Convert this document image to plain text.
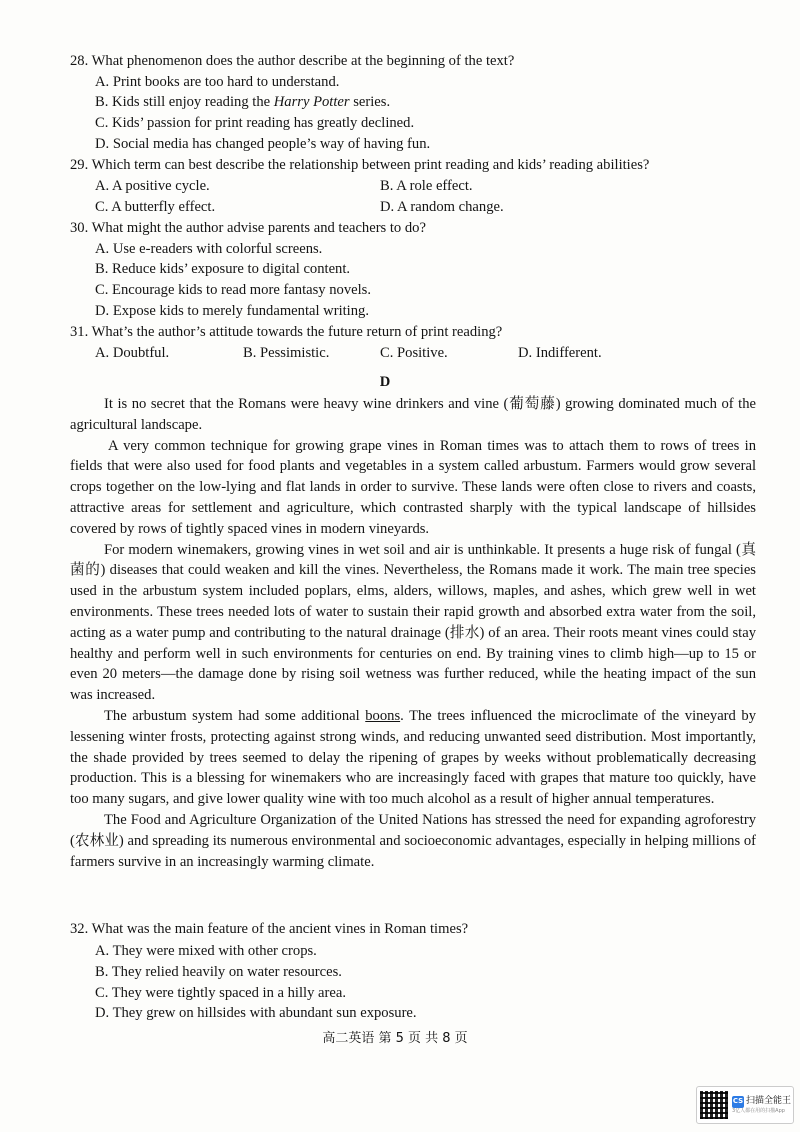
28. What phenomenon does the author describe at the beginning of the text?
A. Print books are too hard to understand.
B. Kids still enjoy reading the Harry Potter series.
C. Kids’ passion for print reading has greatly declined.
D. Social media has changed people’s way of having fun.
29. Which term can best describe the relationship between print reading and kids’ reading abilities?
A. A positive cycle.	B. A role effect.
C. A butterfly effect.	D. A random change.
30. What might the author advise parents and teachers to do?
A. Use e-readers with colorful screens.
B. Reduce kids’ exposure to digital content.
C. Encourage kids to read more fantasy novels.
D. Expose kids to merely fundamental writing.
31. What’s the author’s attitude towards the future return of print reading?
A. Doubtful.	B. Pessimistic.	C. Positive.	D. Indifferent.
D

It is no secret that the Romans were heavy wine drinkers and vine (葡萄藤) growing dominated much of the agricultural landscape.

A very common technique for growing grape vines in Roman times was to attach them to rows of trees in fields that were also used for food plants and vegetables in a system called arbustum. Farmers would grow several crops together on the low-lying and flat lands in order to survive. These lands were often close to rivers and coasts, attractive areas for settlement and agriculture, which contrasted sharply with the typical landscape of hillsides covered by rows of tightly spaced vines in modern vineyards.

For modern winemakers, growing vines in wet soil and air is unthinkable. It presents a huge risk of fungal (真菌的) diseases that could weaken and kill the vines. Nevertheless, the Romans made it work. The main tree species used in the arbustum system included poplars, elms, alders, willows, maples, and ashes, which grew well in wet environments. These trees needed lots of water to sustain their rapid growth and absorbed extra water from the soil, acting as a water pump and contributing to the natural drainage (排水) of an area. Their roots meant vines could stay healthy and perform well in such environments for centuries on end. By training vines to climb high—up to 15 or even 20 meters—the damage done by rising soil wetness was further reduced, while the heating impact of the sun was increased.

The arbustum system had some additional boons. The trees influenced the microclimate of the vineyard by lessening winter frosts, protecting against strong winds, and reducing unwanted seed distribution. Most importantly, the shade provided by trees seemed to delay the ripening of grapes by weeks without problematically decreasing production. This is a blessing for winemakers who are increasingly faced with grapes that mature too quickly, have too many sugars, and give lower quality wine with too much alcohol as a result of higher annual temperatures.

The Food and Agriculture Organization of the United Nations has stressed the need for expanding agroforestry (农林业) and spreading its numerous environmental and socioeconomic advantages, especially in helping millions of farmers survive in an increasingly warming climate.

32. What was the main feature of the ancient vines in Roman times?
A. They were mixed with other crops.
B. They relied heavily on water resources.
C. They were tightly spaced in a hilly area.
D. They grew on hillsides with abundant sun exposure.
高二英语 第 5 页 共 8 页
CS 扫描全能王
3亿人都在用的扫描App
